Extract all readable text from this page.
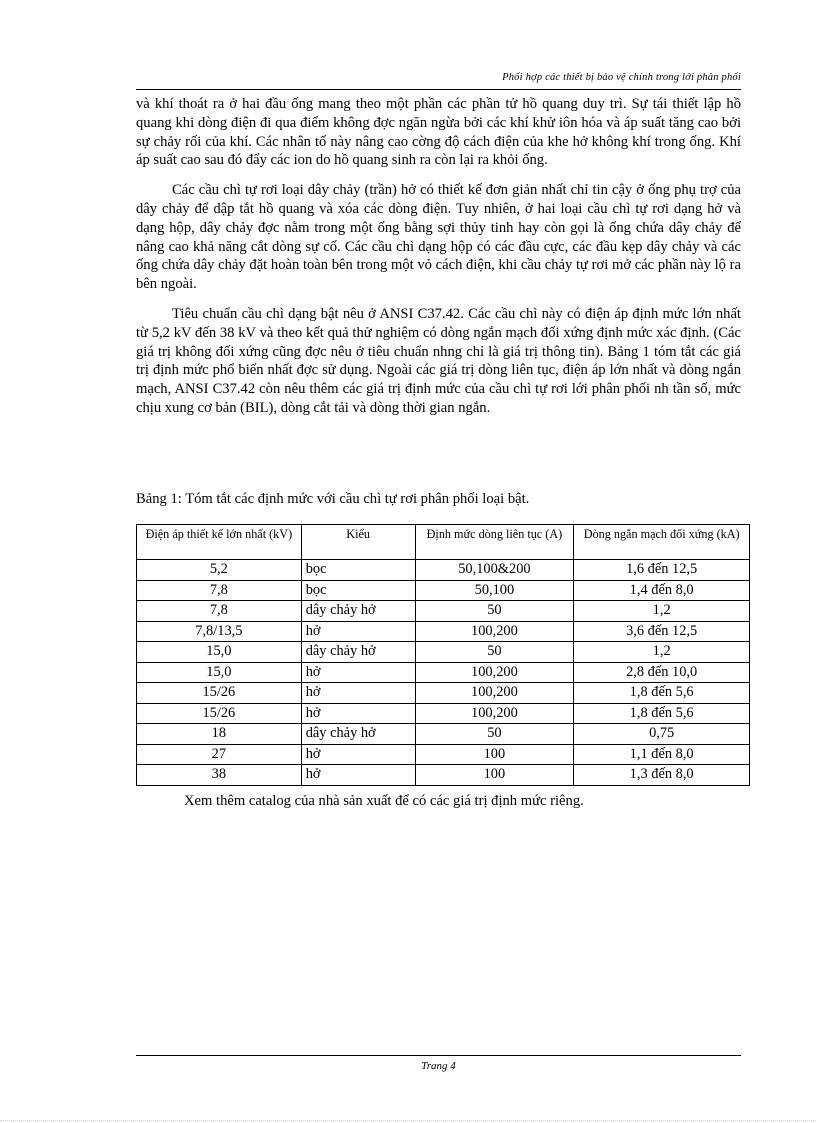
Phối hợp các thiết bị bảo vệ chính trong lới phân phối

và khí thoát ra ở hai đầu ống mang theo một phần các phần tử hồ quang duy trì. Sự tái thiết lập hồ quang khi dòng điện đi qua điểm không đợc ngăn ngừa bởi các khí khử iôn hóa và áp suất tăng cao bởi sự chảy rối của khí. Các nhân tố này nâng cao cờng độ cách điện của khe hở không khí trong ống. Khí áp suất cao sau đó đẩy các ion do hồ quang sinh ra còn lại ra khỏi ống.

Các cầu chì tự rơi loại dây chảy (trần) hở có thiết kế đơn giản nhất chỉ tin cậy ở ống phụ trợ của dây chảy để dập tắt hồ quang và xóa các dòng điện. Tuy nhiên, ở hai loại cầu chì tự rơi dạng hở và dạng hộp, dây chảy đợc nằm trong một ống bằng sợi thủy tinh hay còn gọi là ống chứa dây chảy để nâng cao khả năng cắt dòng sự cố. Các cầu chì dạng hộp có các đầu cực, các đầu kẹp dây chảy và các ống chứa dây chảy đặt hoàn toàn bên trong một vỏ cách điện, khi cầu chảy tự rơi mở các phần này lộ ra bên ngoài.

Tiêu chuẩn cầu chì dạng bật nêu ở ANSI C37.42. Các cầu chì này có điện áp định mức lớn nhất từ 5,2 kV đến 38 kV và theo kết quả thử nghiệm có dòng ngắn mạch đối xứng định mức xác định. (Các giá trị không đối xứng cũng đợc nêu ở tiêu chuẩn nhng chỉ là giá trị thông tin). Bảng 1 tóm tắt các giá trị định mức phổ biến nhất đợc sử dụng. Ngoài các giá trị dòng liên tục, điện áp lớn nhất và dòng ngắn mạch, ANSI C37.42 còn nêu thêm các giá trị định mức của cầu chì tự rơi lới phân phối nh tần số, mức chịu xung cơ bản (BIL), dòng cắt tải và dòng thời gian ngắn.

Bảng 1: Tóm tắt các định mức với cầu chì tự rơi phân phối loại bật.
Điện áp thiết kế lớn nhất (kV)	Kiểu	Định mức dòng liên tục (A)	Dòng ngắn mạch đối xứng (kA)
5,2	bọc	50,100&200	1,6 đến 12,5
7,8	bọc	50,100	1,4 đến 8,0
7,8	dây chảy hở	50	1,2
7,8/13,5	hở	100,200	3,6 đến 12,5
15,0	dây chảy hở	50	1,2
15,0	hở	100,200	2,8 đến 10,0
15/26	hở	100,200	1,8 đến 5,6
15/26	hở	100,200	1,8 đến 5,6
18	dây chảy hở	50	0,75
27	hở	100	1,1 đến 8,0
38	hở	100	1,3 đến 8,0
Xem thêm catalog của nhà sản xuất để có các giá trị định mức riêng.
Trang 4
